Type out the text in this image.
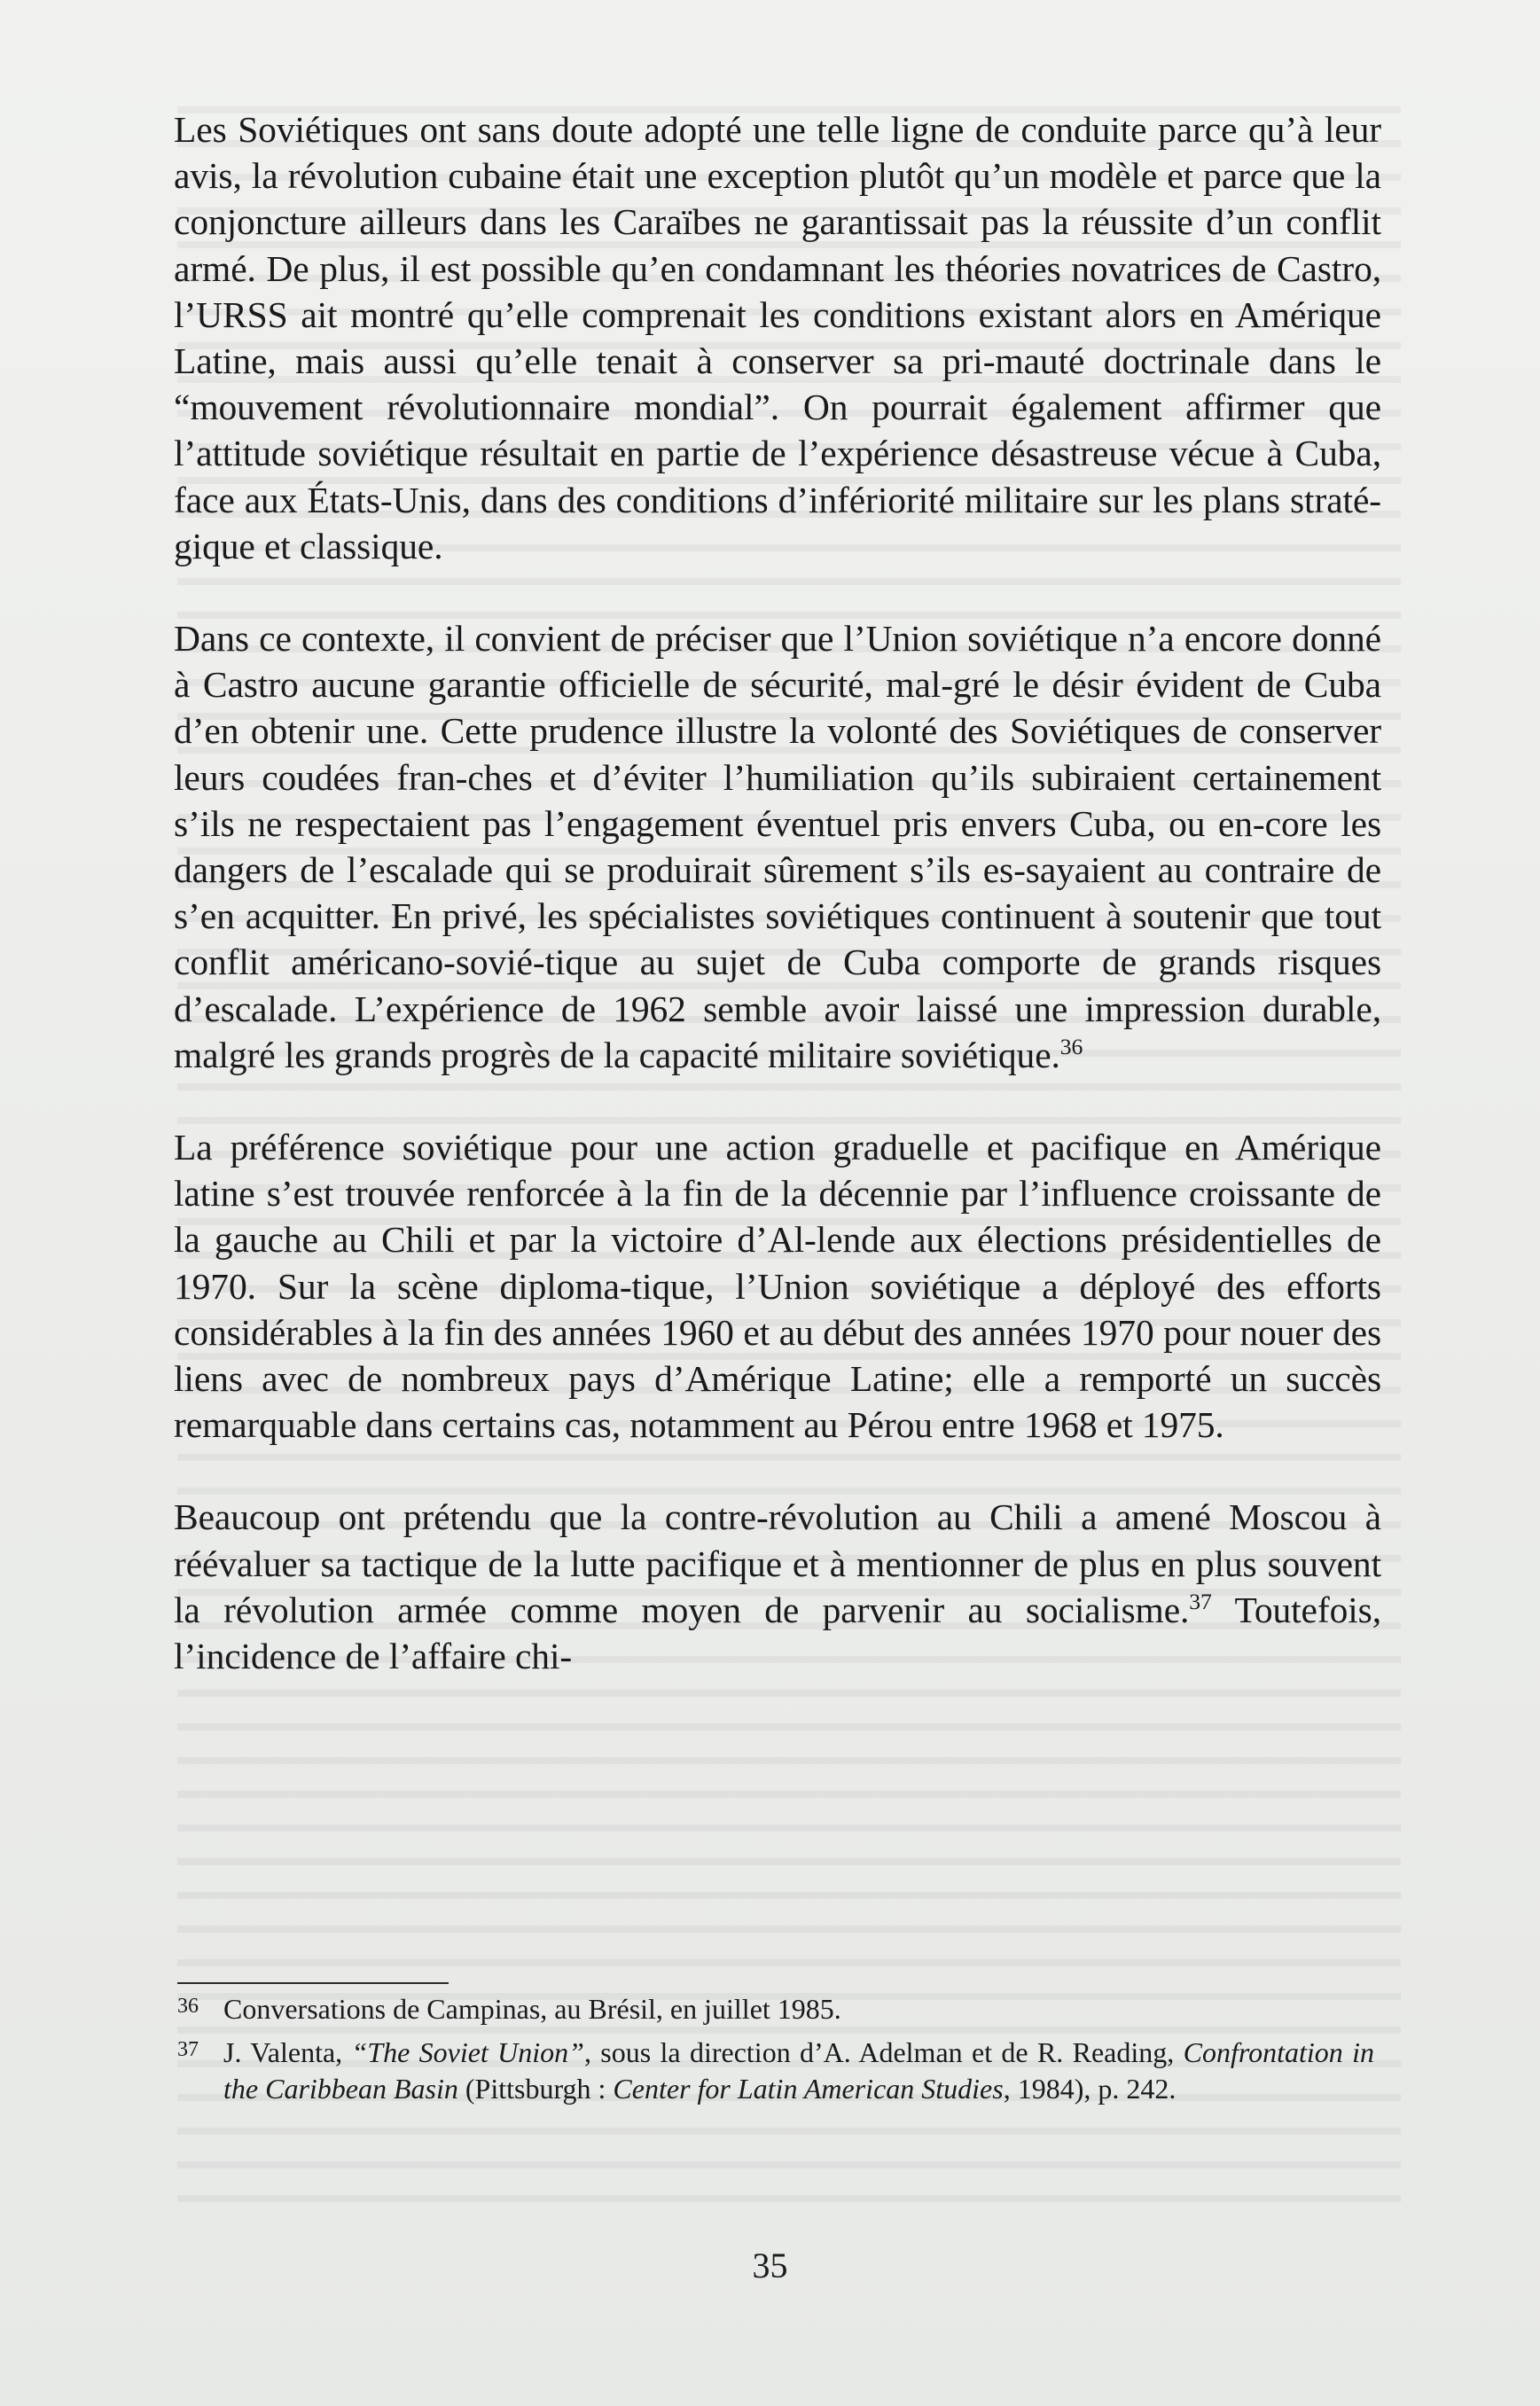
Les Soviétiques ont sans doute adopté une telle ligne de conduite parce qu’à leur avis, la révolution cubaine était une exception plutôt qu’un modèle et parce que la conjoncture ailleurs dans les Caraïbes ne garantissait pas la réussite d’un conflit armé. De plus, il est possible qu’en condamnant les théories novatrices de Castro, l’URSS ait montré qu’elle comprenait les conditions existant alors en Amérique Latine, mais aussi qu’elle tenait à conserver sa pri-mauté doctrinale dans le “mouvement révolutionnaire mondial”. On pourrait également affirmer que l’attitude soviétique résultait en partie de l’expérience désastreuse vécue à Cuba, face aux États-Unis, dans des conditions d’infériorité militaire sur les plans straté-gique et classique.

Dans ce contexte, il convient de préciser que l’Union soviétique n’a encore donné à Castro aucune garantie officielle de sécurité, mal-gré le désir évident de Cuba d’en obtenir une. Cette prudence illustre la volonté des Soviétiques de conserver leurs coudées fran-ches et d’éviter l’humiliation qu’ils subiraient certainement s’ils ne respectaient pas l’engagement éventuel pris envers Cuba, ou en-core les dangers de l’escalade qui se produirait sûrement s’ils es-sayaient au contraire de s’en acquitter. En privé, les spécialistes soviétiques continuent à soutenir que tout conflit américano-sovié-tique au sujet de Cuba comporte de grands risques d’escalade. L’expérience de 1962 semble avoir laissé une impression durable, malgré les grands progrès de la capacité militaire soviétique.$^{36}$

La préférence soviétique pour une action graduelle et pacifique en Amérique latine s’est trouvée renforcée à la fin de la décennie par l’influence croissante de la gauche au Chili et par la victoire d’Al-lende aux élections présidentielles de 1970. Sur la scène diploma-tique, l’Union soviétique a déployé des efforts considérables à la fin des années 1960 et au début des années 1970 pour nouer des liens avec de nombreux pays d’Amérique Latine; elle a remporté un succès remarquable dans certains cas, notamment au Pérou entre 1968 et 1975.

Beaucoup ont prétendu que la contre-révolution au Chili a amené Moscou à réévaluer sa tactique de la lutte pacifique et à mentionner de plus en plus souvent la révolution armée comme moyen de parvenir au socialisme.$^{37}$ Toutefois, l’incidence de l’affaire chi-

36 Conversations de Campinas, au Brésil, en juillet 1985.

37 J. Valenta, “The Soviet Union”, sous la direction d’A. Adelman et de R. Reading, Confrontation in the Caribbean Basin (Pittsburgh : Center for Latin American Studies, 1984), p. 242.

35
